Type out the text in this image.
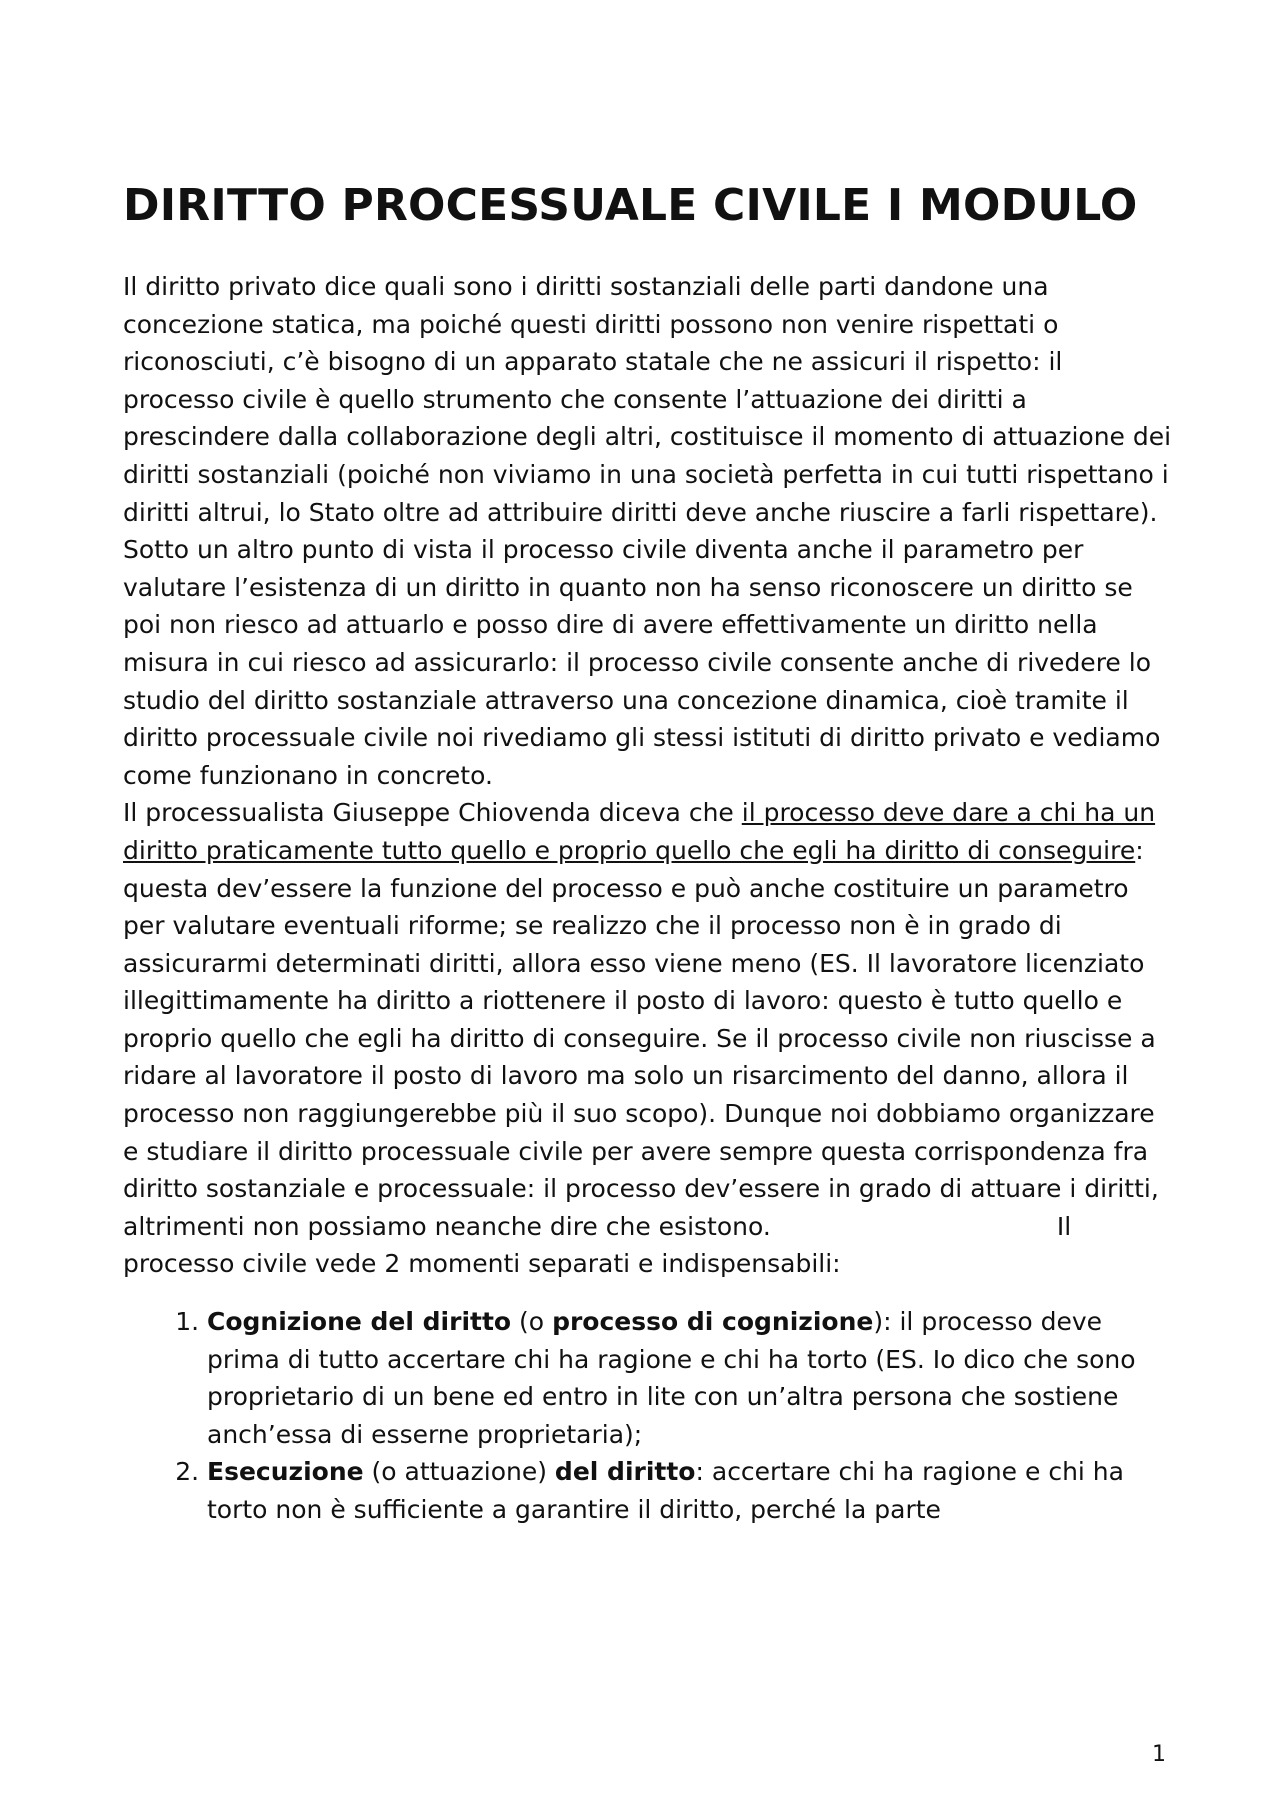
DIRITTO PROCESSUALE CIVILE I MODULO

Il diritto privato dice quali sono i diritti sostanziali delle parti dandone una concezione statica, ma poiché questi diritti possono non venire rispettati o riconosciuti, c’è bisogno di un apparato statale che ne assicuri il rispetto: il processo civile è quello strumento che consente l’attuazione dei diritti a prescindere dalla collaborazione degli altri, costituisce il momento di attuazione dei diritti sostanziali (poiché non viviamo in una società perfetta in cui tutti rispettano i diritti altrui, lo Stato oltre ad attribuire diritti deve anche riuscire a farli rispettare).

Sotto un altro punto di vista il processo civile diventa anche il parametro per valutare l’esistenza di un diritto in quanto non ha senso riconoscere un diritto se poi non riesco ad attuarlo e posso dire di avere effettivamente un diritto nella misura in cui riesco ad assicurarlo: il processo civile consente anche di rivedere lo studio del diritto sostanziale attraverso una concezione dinamica, cioè tramite il diritto processuale civile noi rivediamo gli stessi istituti di diritto privato e vediamo come funzionano in concreto.

Il processualista Giuseppe Chiovenda diceva che il processo deve dare a chi ha un diritto praticamente tutto quello e proprio quello che egli ha diritto di conseguire: questa dev’essere la funzione del processo e può anche costituire un parametro per valutare eventuali riforme; se realizzo che il processo non è in grado di assicurarmi determinati diritti, allora esso viene meno (ES. Il lavoratore licenziato illegittimamente ha diritto a riottenere il posto di lavoro: questo è tutto quello e proprio quello che egli ha diritto di conseguire. Se il processo civile non riuscisse a ridare al lavoratore il posto di lavoro ma solo un risarcimento del danno, allora il processo non raggiungerebbe più il suo scopo). Dunque noi dobbiamo organizzare e studiare il diritto processuale civile per avere sempre questa corrispondenza fra diritto sostanziale e processuale: il processo dev’essere in grado di attuare i diritti, altrimenti non possiamo neanche dire che esistono.	Il processo civile vede 2 momenti separati e indispensabili:

1. Cognizione del diritto (o processo di cognizione): il processo deve prima di tutto accertare chi ha ragione e chi ha torto (ES. Io dico che sono proprietario di un bene ed entro in lite con un’altra persona che sostiene anch’essa di esserne proprietaria);
2. Esecuzione (o attuazione) del diritto: accertare chi ha ragione e chi ha torto non è sufficiente a garantire il diritto, perché la parte
1
